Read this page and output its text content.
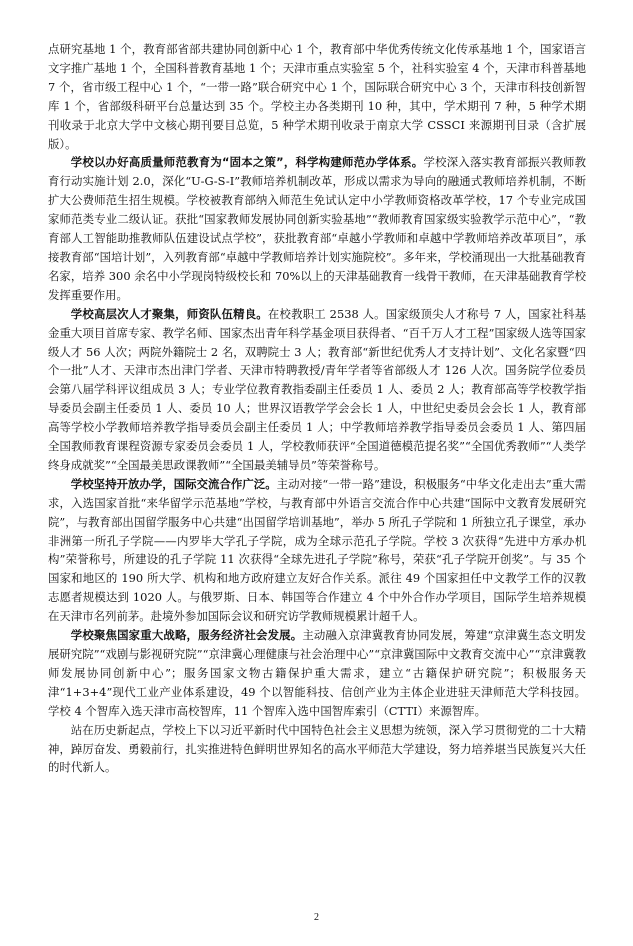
点研究基地 1 个，教育部省部共建协同创新中心 1 个，教育部中华优秀传统文化传承基地 1 个，国家语言文字推广基地 1 个，全国科普教育基地 1 个；天津市重点实验室 5 个，社科实验室 4 个，天津市科普基地 7 个，省市级工程中心 1 个，“一带一路”联合研究中心 1 个，国际联合研究中心 3 个，天津市科技创新智库 1 个，省部级科研平台总量达到 35 个。学校主办各类期刊 10 种，其中，学术期刊 7 种，5 种学术期刊收录于北京大学中文核心期刊要目总览，5 种学术期刊收录于南京大学 CSSCI 来源期刊目录（含扩展版）。

学校以办好高质量师范教育为“固本之策”，科学构建师范办学体系。学校深入落实教育部振兴教师教育行动实施计划 2.0，深化“U-G-S-I”教师培养机制改革，形成以需求为导向的融通式教师培养机制，不断扩大公费师范生招生规模。学校被教育部纳入师范生免试认定中小学教师资格改革学校，17 个专业完成国家师范类专业二级认证。获批“国家教师发展协同创新实验基地”“教师教育国家级实验教学示范中心”，“教育部人工智能助推教师队伍建设试点学校”，获批教育部“卓越小学教师和卓越中学教师培养改革项目”，承接教育部“国培计划”，入列教育部“卓越中学教师培养计划实施院校”。多年来，学校涌现出一大批基础教育名家，培养 300 余名中小学现岗特级校长和 70%以上的天津基础教育一线骨干教师，在天津基础教育学校发挥重要作用。

学校高层次人才聚集，师资队伍精良。在校教职工 2538 人。国家级顶尖人才称号 7 人，国家社科基金重大项目首席专家、教学名师、国家杰出青年科学基金项目获得者、“百千万人才工程”国家级人选等国家级人才 56 人次；两院外籍院士 2 名，双聘院士 3 人；教育部“新世纪优秀人才支持计划”、文化名家暨“四个一批”人才、天津市杰出津门学者、天津市特聘教授/青年学者等省部级人才 126 人次。国务院学位委员会第八届学科评议组成员 3 人；专业学位教育教指委副主任委员 1 人、委员 2 人；教育部高等学校教学指导委员会副主任委员 1 人、委员 10 人；世界汉语教学学会会长 1 人，中世纪史委员会会长 1 人，教育部高等学校小学教师培养教学指导委员会副主任委员 1 人；中学教师培养教学指导委员会委员 1 人、第四届全国教师教育课程资源专家委员会委员 1 人，学校教师获评“全国道德模范提名奖”“全国优秀教师”“人类学终身成就奖”“全国最美思政课教师”“全国最美辅导员”等荣誉称号。

学校坚持开放办学，国际交流合作广泛。主动对接“一带一路”建设，积极服务“中华文化走出去”重大需求，入选国家首批“来华留学示范基地”学校，与教育部中外语言交流合作中心共建“国际中文教育发展研究院”，与教育部出国留学服务中心共建“出国留学培训基地”，举办 5 所孔子学院和 1 所独立孔子课堂，承办非洲第一所孔子学院——内罗毕大学孔子学院，成为全球示范孔子学院。学校 3 次获得“先进中方承办机构”荣誉称号，所建设的孔子学院 11 次获得“全球先进孔子学院”称号，荣获“孔子学院开创奖”。与 35 个国家和地区的 190 所大学、机构和地方政府建立友好合作关系。派往 49 个国家担任中文教学工作的汉教志愿者规模达到 1020 人。与俄罗斯、日本、韩国等合作建立 4 个中外合作办学项目，国际学生培养规模在天津市名列前茅。赴境外参加国际会议和研究访学教师规模累计超千人。

学校聚焦国家重大战略，服务经济社会发展。主动融入京津冀教育协同发展，筹建“京津冀生态文明发展研究院”“戏剧与影视研究院”“京津冀心理健康与社会治理中心”“京津冀国际中文教育交流中心”“京津冀教师发展协同创新中心”；服务国家文物古籍保护重大需求，建立“古籍保护研究院”；积极服务天津“1+3+4”现代工业产业体系建设，49 个以智能科技、信创产业为主体企业进驻天津师范大学科技园。学校 4 个智库入选天津市高校智库，11 个智库入选中国智库索引（CTTI）来源智库。

站在历史新起点，学校上下以习近平新时代中国特色社会主义思想为统领，深入学习贯彻党的二十大精神，踔厉奋发、勇毅前行，扎实推进特色鲜明世界知名的高水平师范大学建设，努力培养堪当民族复兴大任的时代新人。

2
